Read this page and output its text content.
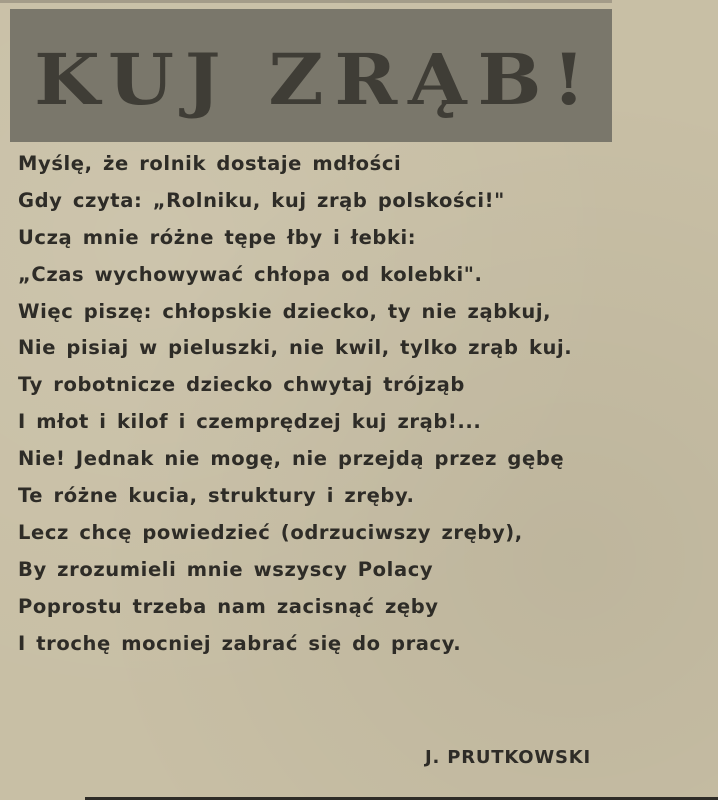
KUJ ZRĄB!
Myślę, że rolnik dostaje mdłości
Gdy czyta: „Rolniku, kuj zrąb polskości!"
Uczą mnie różne tępe łby i łebki:
„Czas wychowywać chłopa od kolebki".
Więc piszę: chłopskie dziecko, ty nie ząbkuj,
Nie pisiaj w pieluszki, nie kwil, tylko zrąb kuj.
Ty robotnicze dziecko chwytaj trójząb
I młot i kilof i czemprędzej kuj zrąb!...
Nie! Jednak nie mogę, nie przejdą przez gębę
Te różne kucia, struktury i zręby.
Lecz chcę powiedzieć (odrzuciwszy zręby),
By zrozumieli mnie wszyscy Polacy
Poprostu trzeba nam zacisnąć zęby
I trochę mocniej zabrać się do pracy.
J. PRUTKOWSKI
